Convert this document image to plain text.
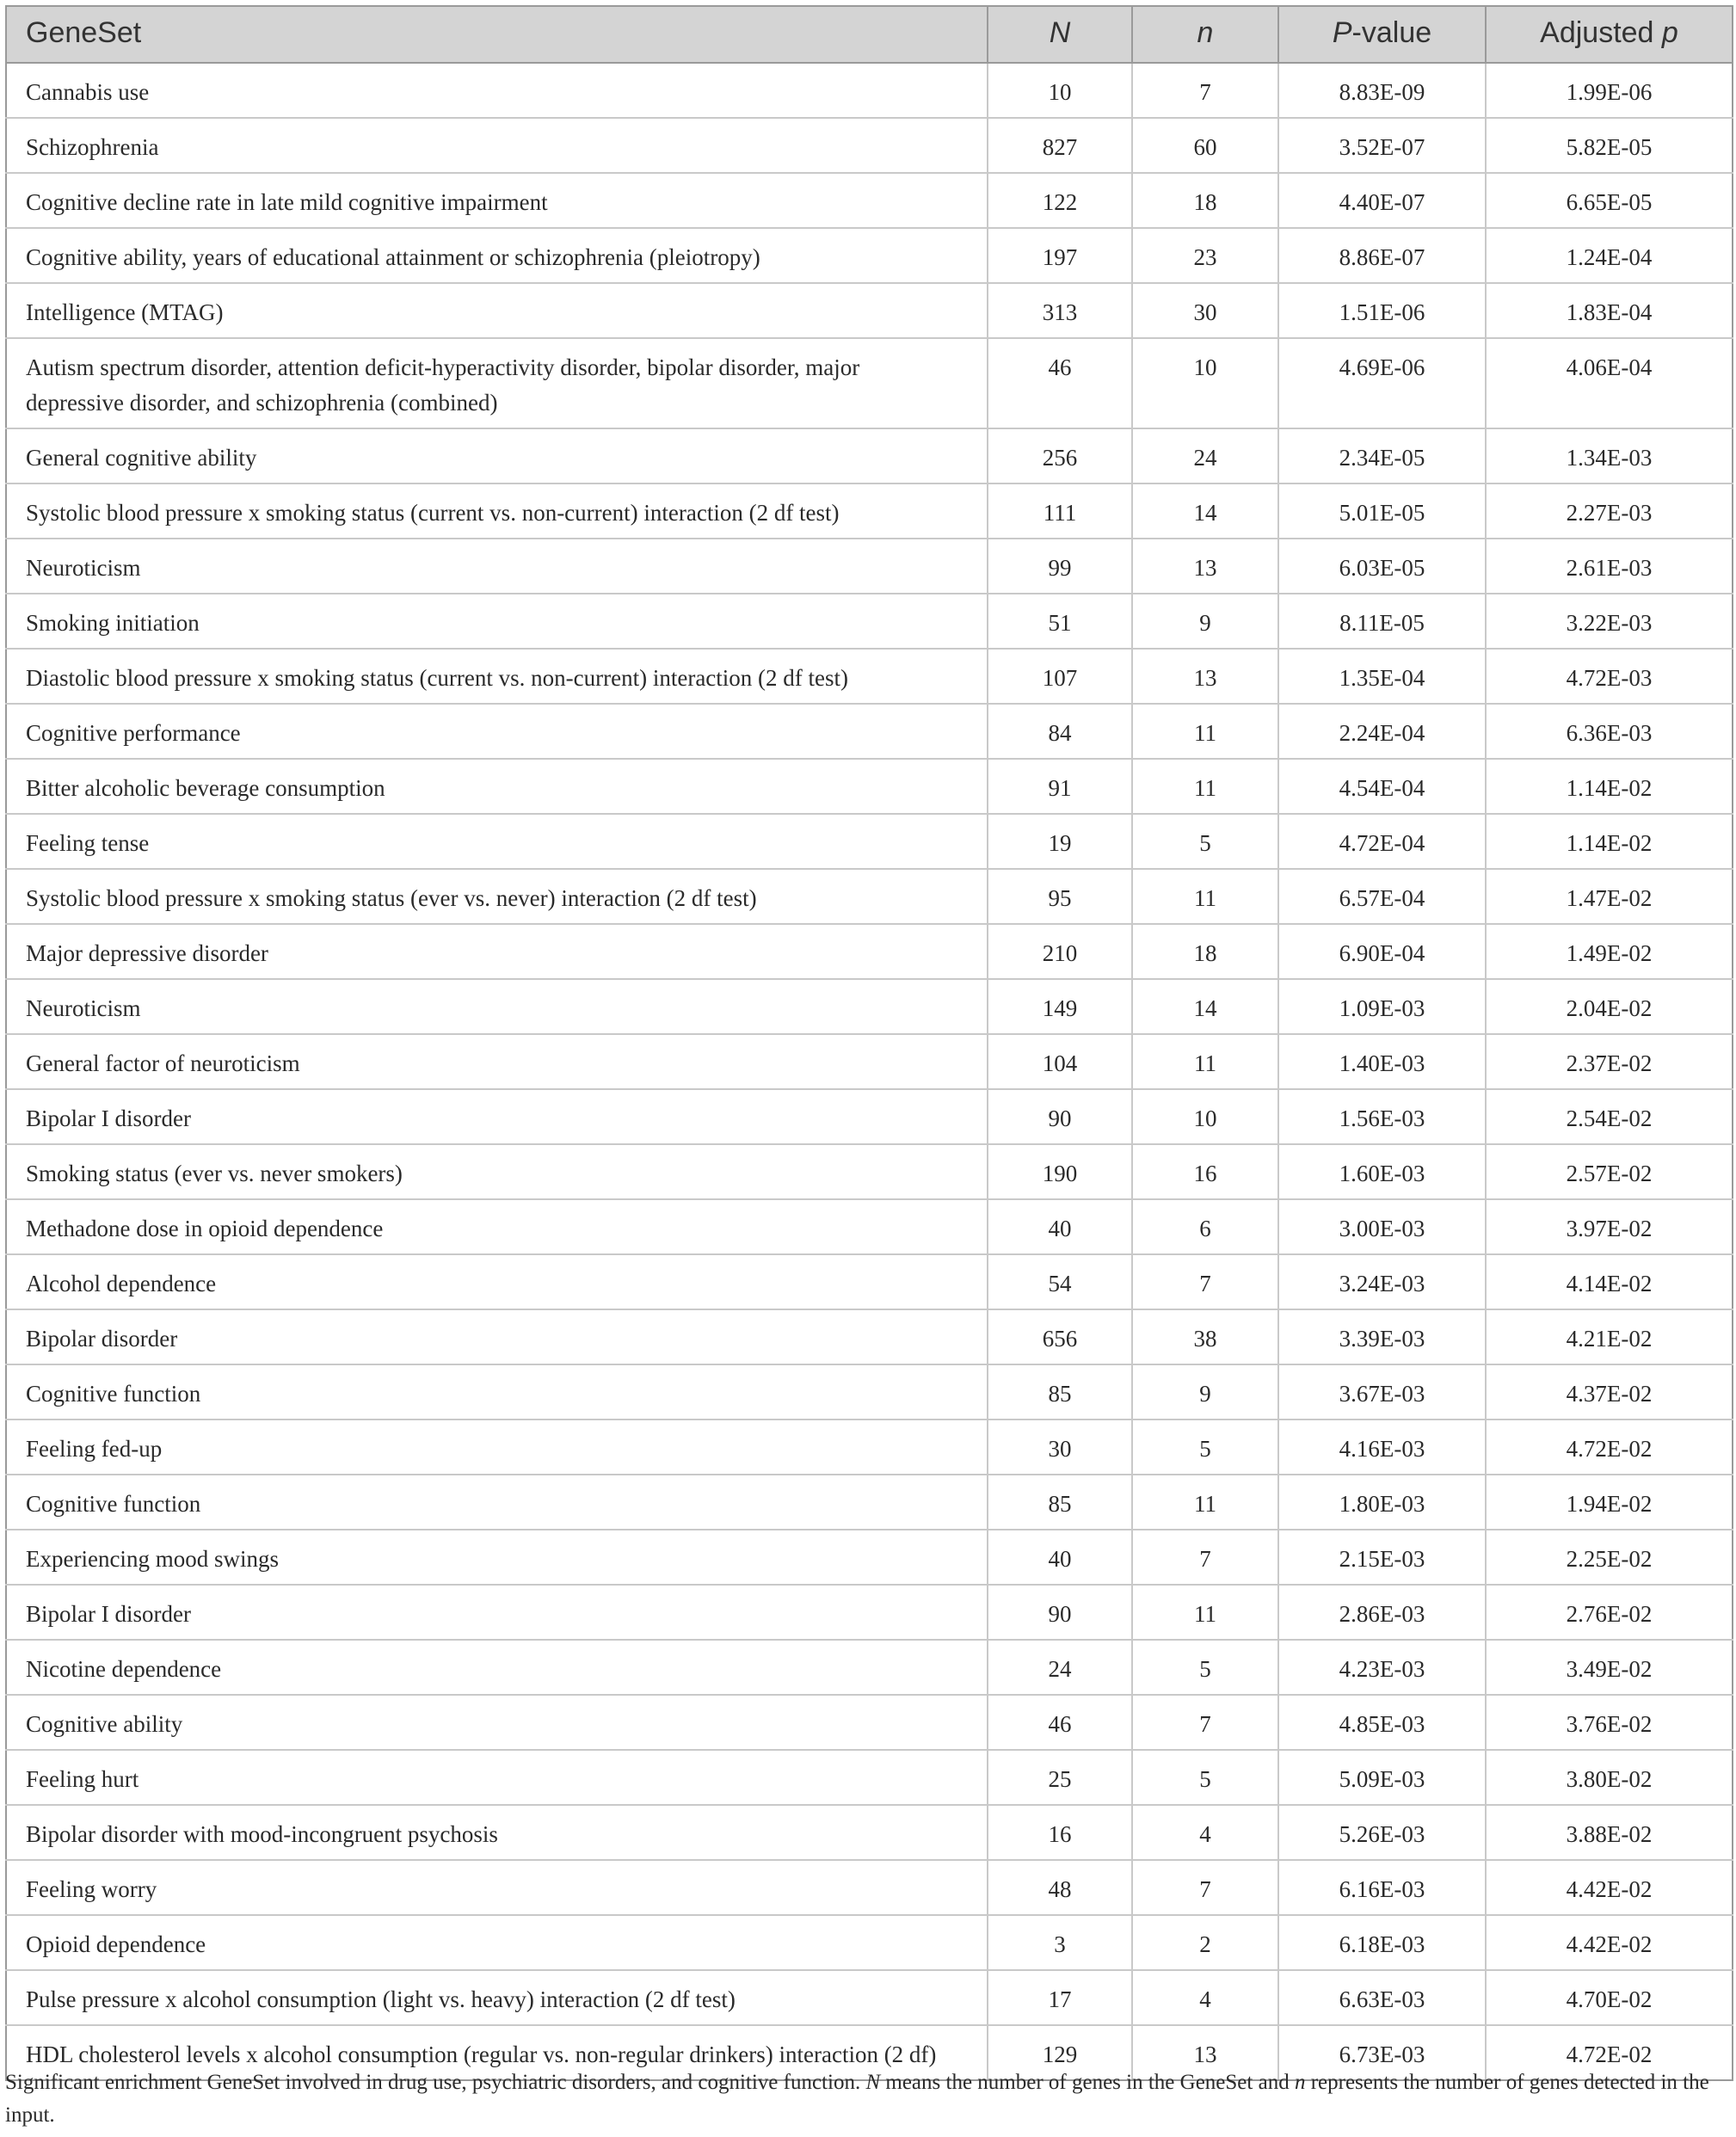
GeneSet	N	n	P-value	Adjusted p
Cannabis use	10	7	8.83E-09	1.99E-06
Schizophrenia	827	60	3.52E-07	5.82E-05
Cognitive decline rate in late mild cognitive impairment	122	18	4.40E-07	6.65E-05
Cognitive ability, years of educational attainment or schizophrenia (pleiotropy)	197	23	8.86E-07	1.24E-04
Intelligence (MTAG)	313	30	1.51E-06	1.83E-04
Autism spectrum disorder, attention deficit-hyperactivity disorder, bipolar disorder, major depressive disorder, and schizophrenia (combined)	46	10	4.69E-06	4.06E-04
General cognitive ability	256	24	2.34E-05	1.34E-03
Systolic blood pressure x smoking status (current vs. non-current) interaction (2 df test)	111	14	5.01E-05	2.27E-03
Neuroticism	99	13	6.03E-05	2.61E-03
Smoking initiation	51	9	8.11E-05	3.22E-03
Diastolic blood pressure x smoking status (current vs. non-current) interaction (2 df test)	107	13	1.35E-04	4.72E-03
Cognitive performance	84	11	2.24E-04	6.36E-03
Bitter alcoholic beverage consumption	91	11	4.54E-04	1.14E-02
Feeling tense	19	5	4.72E-04	1.14E-02
Systolic blood pressure x smoking status (ever vs. never) interaction (2 df test)	95	11	6.57E-04	1.47E-02
Major depressive disorder	210	18	6.90E-04	1.49E-02
Neuroticism	149	14	1.09E-03	2.04E-02
General factor of neuroticism	104	11	1.40E-03	2.37E-02
Bipolar I disorder	90	10	1.56E-03	2.54E-02
Smoking status (ever vs. never smokers)	190	16	1.60E-03	2.57E-02
Methadone dose in opioid dependence	40	6	3.00E-03	3.97E-02
Alcohol dependence	54	7	3.24E-03	4.14E-02
Bipolar disorder	656	38	3.39E-03	4.21E-02
Cognitive function	85	9	3.67E-03	4.37E-02
Feeling fed-up	30	5	4.16E-03	4.72E-02
Cognitive function	85	11	1.80E-03	1.94E-02
Experiencing mood swings	40	7	2.15E-03	2.25E-02
Bipolar I disorder	90	11	2.86E-03	2.76E-02
Nicotine dependence	24	5	4.23E-03	3.49E-02
Cognitive ability	46	7	4.85E-03	3.76E-02
Feeling hurt	25	5	5.09E-03	3.80E-02
Bipolar disorder with mood-incongruent psychosis	16	4	5.26E-03	3.88E-02
Feeling worry	48	7	6.16E-03	4.42E-02
Opioid dependence	3	2	6.18E-03	4.42E-02
Pulse pressure x alcohol consumption (light vs. heavy) interaction (2 df test)	17	4	6.63E-03	4.70E-02
HDL cholesterol levels x alcohol consumption (regular vs. non-regular drinkers) interaction (2 df)	129	13	6.73E-03	4.72E-02
Significant enrichment GeneSet involved in drug use, psychiatric disorders, and cognitive function. N means the number of genes in the GeneSet and n represents the number of genes detected in the input.
